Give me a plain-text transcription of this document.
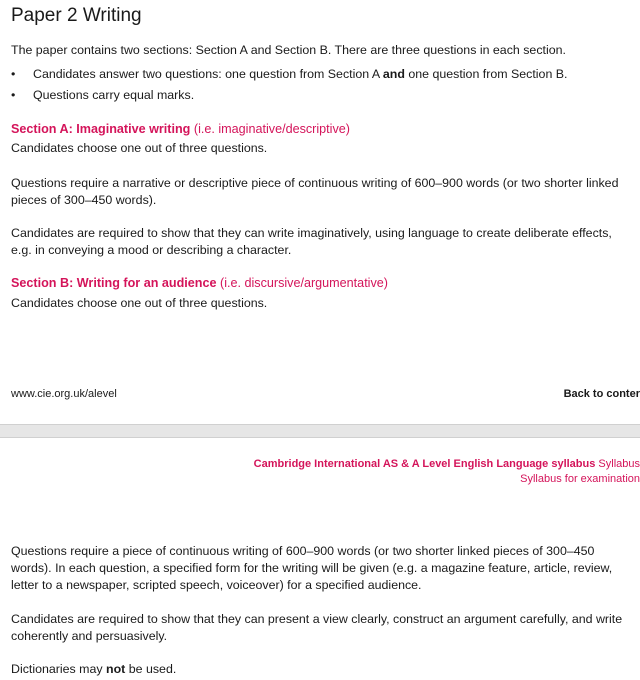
Paper 2 Writing

The paper contains two sections: Section A and Section B. There are three questions in each section.

• Candidates answer two questions: one question from Section A and one question from Section B.
• Questions carry equal marks.
Section A: Imaginative writing (i.e. imaginative/descriptive)

Candidates choose one out of three questions.

Questions require a narrative or descriptive piece of continuous writing of 600–900 words (or two shorter linked pieces of 300–450 words).

Candidates are required to show that they can write imaginatively, using language to create deliberate effects, e.g. in conveying a mood or describing a character.

Section B: Writing for an audience (i.e. discursive/argumentative)

Candidates choose one out of three questions.

www.cie.org.uk/alevel	Back to conter
Cambridge International AS & A Level English Language syllabus Syllabus
Syllabus for examination

Questions require a piece of continuous writing of 600–900 words (or two shorter linked pieces of 300–450 words). In each question, a specified form for the writing will be given (e.g. a magazine feature, article, review, letter to a newspaper, scripted speech, voiceover) for a specified audience.

Candidates are required to show that they can present a view clearly, construct an argument carefully, and write coherently and persuasively.

Dictionaries may not be used.
